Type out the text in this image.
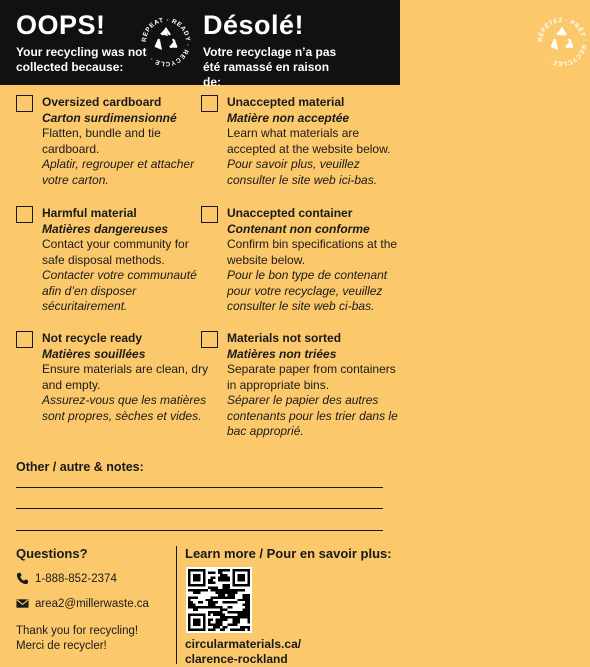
OOPS!
Your recycling was not collected because:
REPEAT · READY · RECYCLE ·
Désolé!
Votre recyclage n’a pas été ramassé en raison de:
RÉPÉTEZ · PRÊT · RECYCLEZ ·
Oversized cardboard
Carton surdimensionné
Flatten, bundle and tie cardboard.
Aplatir, regrouper et attacher votre carton.
Unaccepted material
Matière non acceptée
Learn what materials are accepted at the website below.
Pour savoir plus, veuillez consulter le site web ici-bas.
Harmful material
Matières dangereuses
Contact your community for safe disposal methods.
Contacter votre communauté afin d’en disposer sécuritairement.
Unaccepted container
Contenant non conforme
Confirm bin specifications at the website below.
Pour le bon type de contenant pour votre recyclage, veuillez consulter le site web ci-bas.
Not recycle ready
Matières souillées
Ensure materials are clean, dry and empty.
Assurez-vous que les matières sont propres, sèches et vides.
Materials not sorted
Matières non triées
Separate paper from containers in appropriate bins.
Séparer le papier des autres contenants pour les trier dans le bac approprié.
Other / autre & notes:
Questions?
1-888-852-2374
area2@millerwaste.ca
Thank you for recycling! Merci de recycler!
Learn more / Pour en savoir plus:
circularmaterials.ca/
clarence-rockland
